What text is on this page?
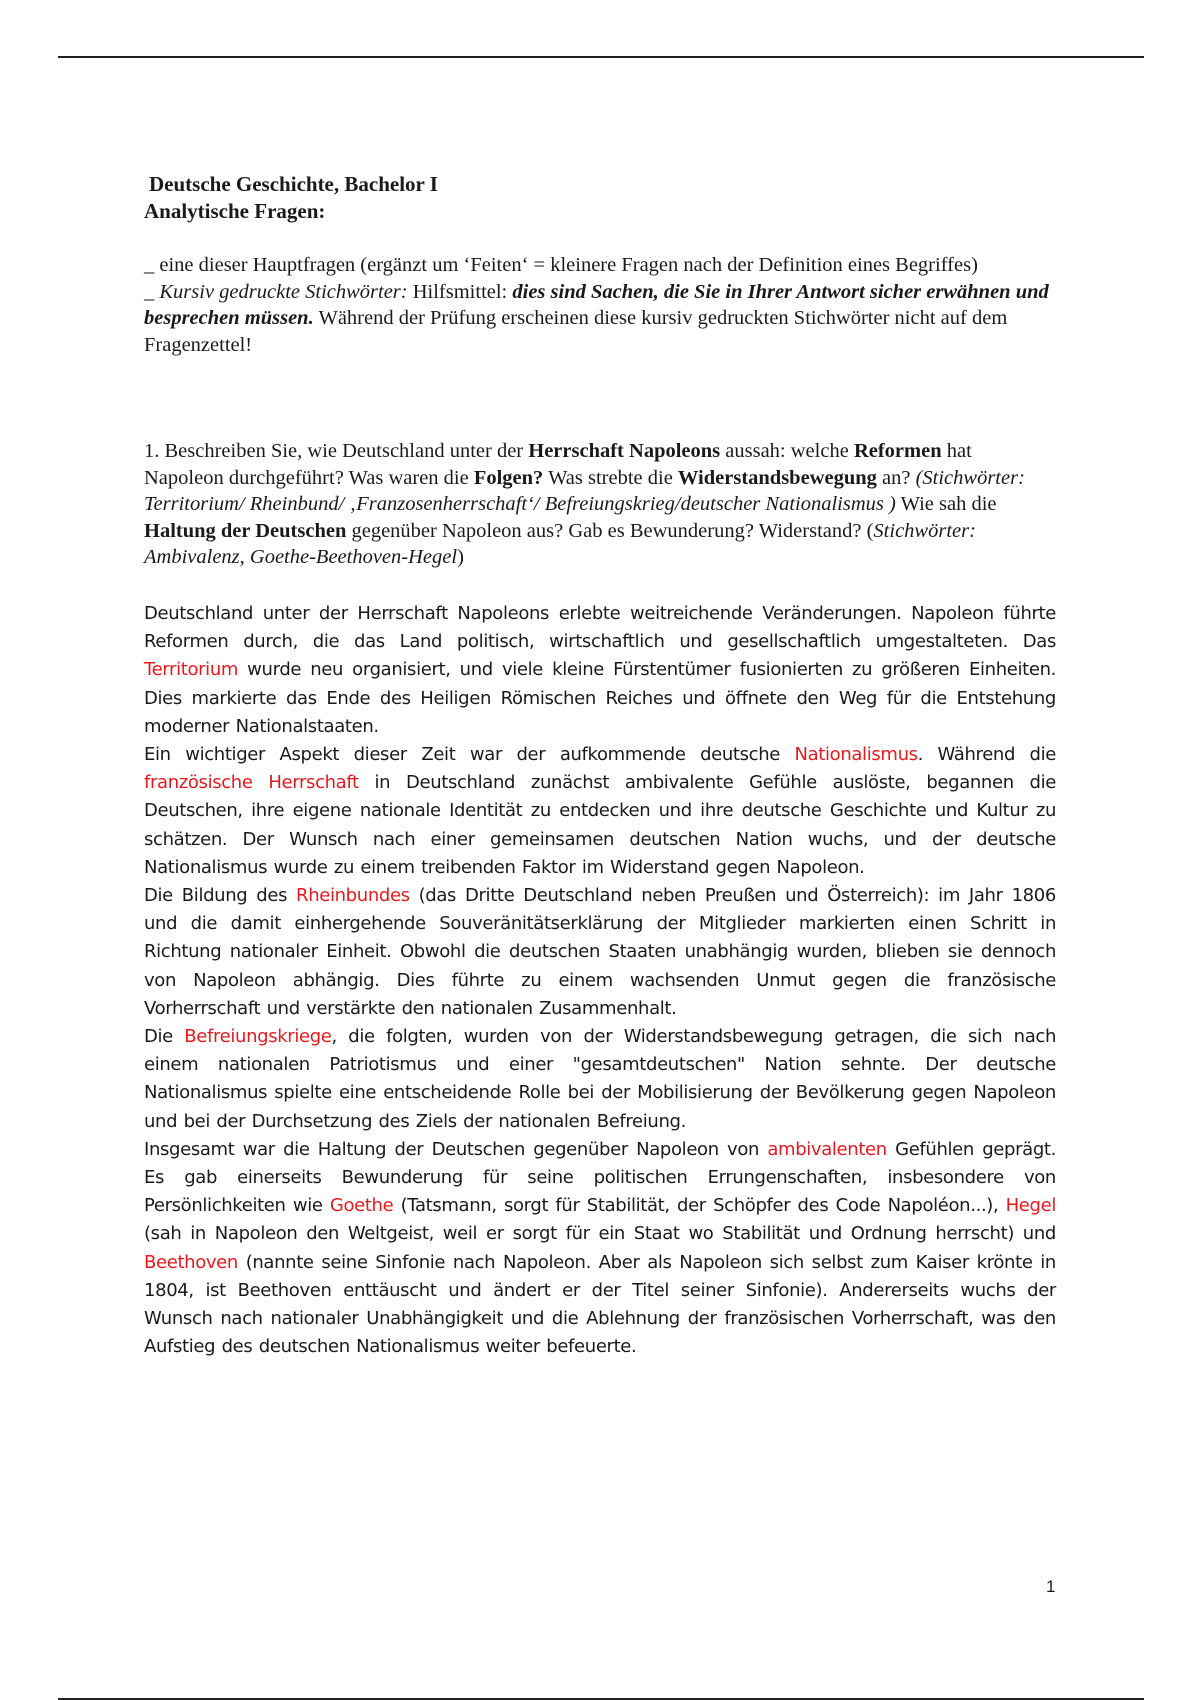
Deutsche Geschichte, Bachelor I
Analytische Fragen:
_ eine dieser Hauptfragen (ergänzt um ‘Feiten‘ = kleinere Fragen nach der Definition eines Begriffes)
_ Kursiv gedruckte Stichwörter: Hilfsmittel: dies sind Sachen, die Sie in Ihrer Antwort sicher erwähnen und besprechen müssen. Während der Prüfung erscheinen diese kursiv gedruckten Stichwörter nicht auf dem Fragenzettel!
1. Beschreiben Sie, wie Deutschland unter der Herrschaft Napoleons aussah: welche Reformen hat Napoleon durchgeführt? Was waren die Folgen? Was strebte die Widerstandsbewegung an? (Stichwörter: Territorium/ Rheinbund/ ‚Franzosenherrschaft‘/ Befreiungskrieg/deutscher Nationalismus ) Wie sah die Haltung der Deutschen gegenüber Napoleon aus? Gab es Bewunderung? Widerstand? (Stichwörter: Ambivalenz, Goethe-Beethoven-Hegel)

Deutschland unter der Herrschaft Napoleons erlebte weitreichende Veränderungen. Napoleon führte Reformen durch, die das Land politisch, wirtschaftlich und gesellschaftlich umgestalteten. Das Territorium wurde neu organisiert, und viele kleine Fürstentümer fusionierten zu größeren Einheiten. Dies markierte das Ende des Heiligen Römischen Reiches und öffnete den Weg für die Entstehung moderner Nationalstaaten.

Ein wichtiger Aspekt dieser Zeit war der aufkommende deutsche Nationalismus. Während die französische Herrschaft in Deutschland zunächst ambivalente Gefühle auslöste, begannen die Deutschen, ihre eigene nationale Identität zu entdecken und ihre deutsche Geschichte und Kultur zu schätzen. Der Wunsch nach einer gemeinsamen deutschen Nation wuchs, und der deutsche Nationalismus wurde zu einem treibenden Faktor im Widerstand gegen Napoleon.

Die Bildung des Rheinbundes (das Dritte Deutschland neben Preußen und Österreich): im Jahr 1806 und die damit einhergehende Souveränitätserklärung der Mitglieder markierten einen Schritt in Richtung nationaler Einheit. Obwohl die deutschen Staaten unabhängig wurden, blieben sie dennoch von Napoleon abhängig. Dies führte zu einem wachsenden Unmut gegen die französische Vorherrschaft und verstärkte den nationalen Zusammenhalt.

Die Befreiungskriege, die folgten, wurden von der Widerstandsbewegung getragen, die sich nach einem nationalen Patriotismus und einer "gesamtdeutschen" Nation sehnte. Der deutsche Nationalismus spielte eine entscheidende Rolle bei der Mobilisierung der Bevölkerung gegen Napoleon und bei der Durchsetzung des Ziels der nationalen Befreiung.

Insgesamt war die Haltung der Deutschen gegenüber Napoleon von ambivalenten Gefühlen geprägt. Es gab einerseits Bewunderung für seine politischen Errungenschaften, insbesondere von Persönlichkeiten wie Goethe (Tatsmann, sorgt für Stabilität, der Schöpfer des Code Napoléon...), Hegel (sah in Napoleon den Weltgeist, weil er sorgt für ein Staat wo Stabilität und Ordnung herrscht) und Beethoven (nannte seine Sinfonie nach Napoleon. Aber als Napoleon sich selbst zum Kaiser krönte in 1804, ist Beethoven enttäuscht und ändert er der Titel seiner Sinfonie). Andererseits wuchs der Wunsch nach nationaler Unabhängigkeit und die Ablehnung der französischen Vorherrschaft, was den Aufstieg des deutschen Nationalismus weiter befeuerte.

1
